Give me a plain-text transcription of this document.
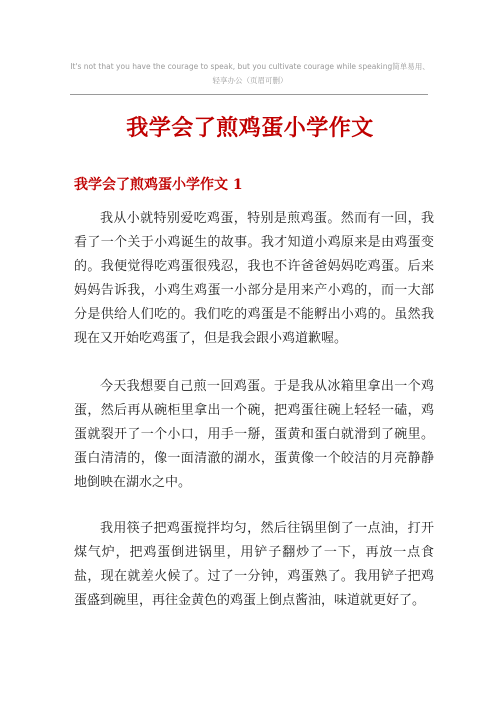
It's not that you have the courage to speak, but you cultivate courage while speaking简单易用、轻享办公（页眉可删）
我学会了煎鸡蛋小学作文
我学会了煎鸡蛋小学作文 1

我从小就特别爱吃鸡蛋，特别是煎鸡蛋。然而有一回，我看了一个关于小鸡诞生的故事。我才知道小鸡原来是由鸡蛋变的。我便觉得吃鸡蛋很残忍，我也不许爸爸妈妈吃鸡蛋。后来妈妈告诉我，小鸡生鸡蛋一小部分是用来产小鸡的，而一大部分是供给人们吃的。我们吃的鸡蛋是不能孵出小鸡的。虽然我现在又开始吃鸡蛋了，但是我会跟小鸡道歉喔。

今天我想要自己煎一回鸡蛋。于是我从冰箱里拿出一个鸡蛋，然后再从碗柜里拿出一个碗，把鸡蛋往碗上轻轻一磕，鸡蛋就裂开了一个小口，用手一掰，蛋黄和蛋白就滑到了碗里。蛋白清清的，像一面清澈的湖水，蛋黄像一个皎洁的月亮静静地倒映在湖水之中。

我用筷子把鸡蛋搅拌均匀，然后往锅里倒了一点油，打开煤气炉，把鸡蛋倒进锅里，用铲子翻炒了一下，再放一点食盐，现在就差火候了。过了一分钟，鸡蛋熟了。我用铲子把鸡蛋盛到碗里，再往金黄色的鸡蛋上倒点酱油，味道就更好了。
